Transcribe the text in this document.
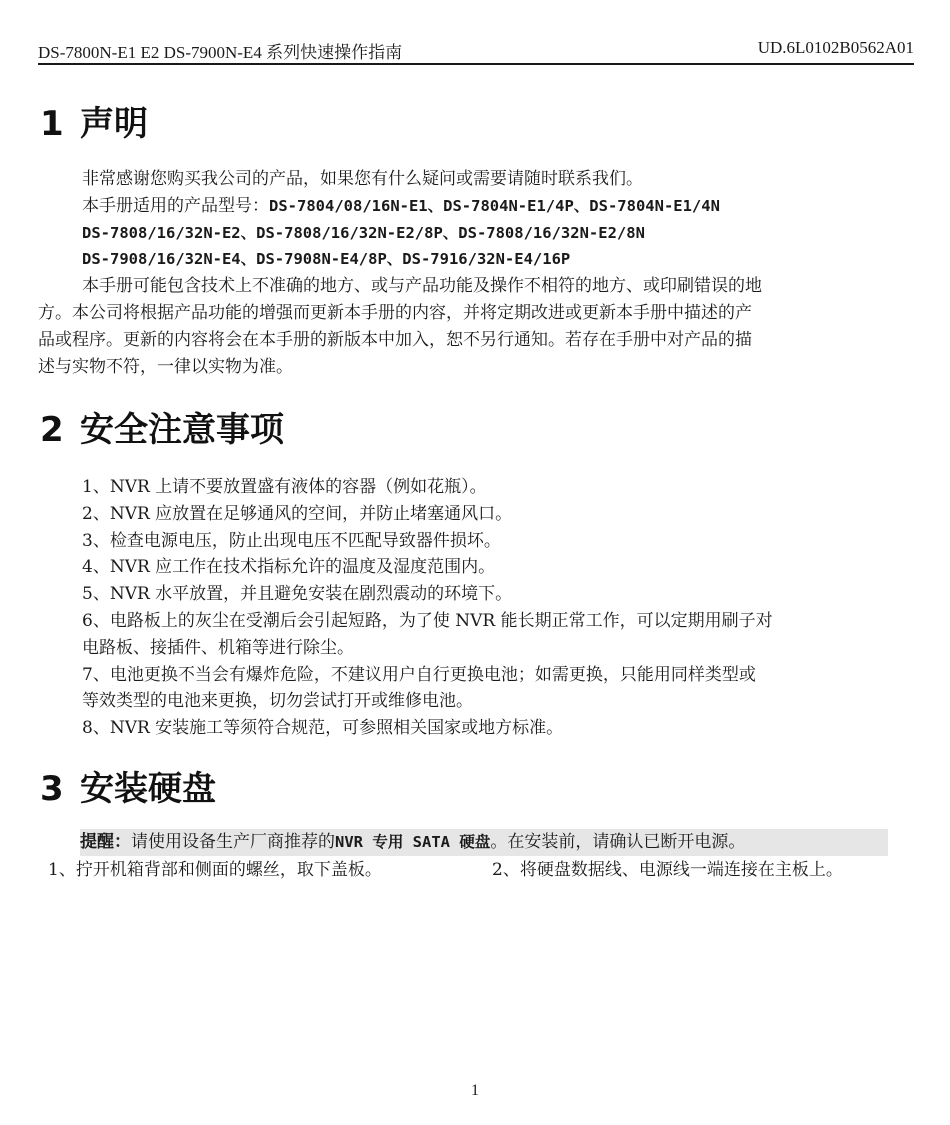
DS-7800N-E1 E2 DS-7900N-E4 系列快速操作指南	UD.6L0102B0562A01
1 声明

非常感谢您购买我公司的产品，如果您有什么疑问或需要请随时联系我们。

本手册适用的产品型号：DS-7804/08/16N-E1、DS-7804N-E1/4P、DS-7804N-E1/4N

DS-7808/16/32N-E2、DS-7808/16/32N-E2/8P、DS-7808/16/32N-E2/8N

DS-7908/16/32N-E4、DS-7908N-E4/8P、DS-7916/32N-E4/16P

本手册可能包含技术上不准确的地方、或与产品功能及操作不相符的地方、或印刷错误的地
方。本公司将根据产品功能的增强而更新本手册的内容，并将定期改进或更新本手册中描述的产
品或程序。更新的内容将会在本手册的新版本中加入，恕不另行通知。若存在手册中对产品的描
述与实物不符，一律以实物为准。
2 安全注意事项

1、NVR 上请不要放置盛有液体的容器（例如花瓶）。

2、NVR 应放置在足够通风的空间，并防止堵塞通风口。

3、检查电源电压，防止出现电压不匹配导致器件损坏。

4、NVR 应工作在技术指标允许的温度及湿度范围内。

5、NVR 水平放置，并且避免安装在剧烈震动的环境下。

6、电路板上的灰尘在受潮后会引起短路，为了使 NVR 能长期正常工作，可以定期用刷子对

电路板、接插件、机箱等进行除尘。

7、电池更换不当会有爆炸危险，不建议用户自行更换电池；如需更换，只能用同样类型或

等效类型的电池来更换，切勿尝试打开或维修电池。

8、NVR 安装施工等须符合规范，可参照相关国家或地方标准。

3 安装硬盘
提醒：请使用设备生产厂商推荐的NVR 专用 SATA 硬盘。在安装前，请确认已断开电源。
1、拧开机箱背部和侧面的螺丝，取下盖板。	2、将硬盘数据线、电源线一端连接在主板上。
1
